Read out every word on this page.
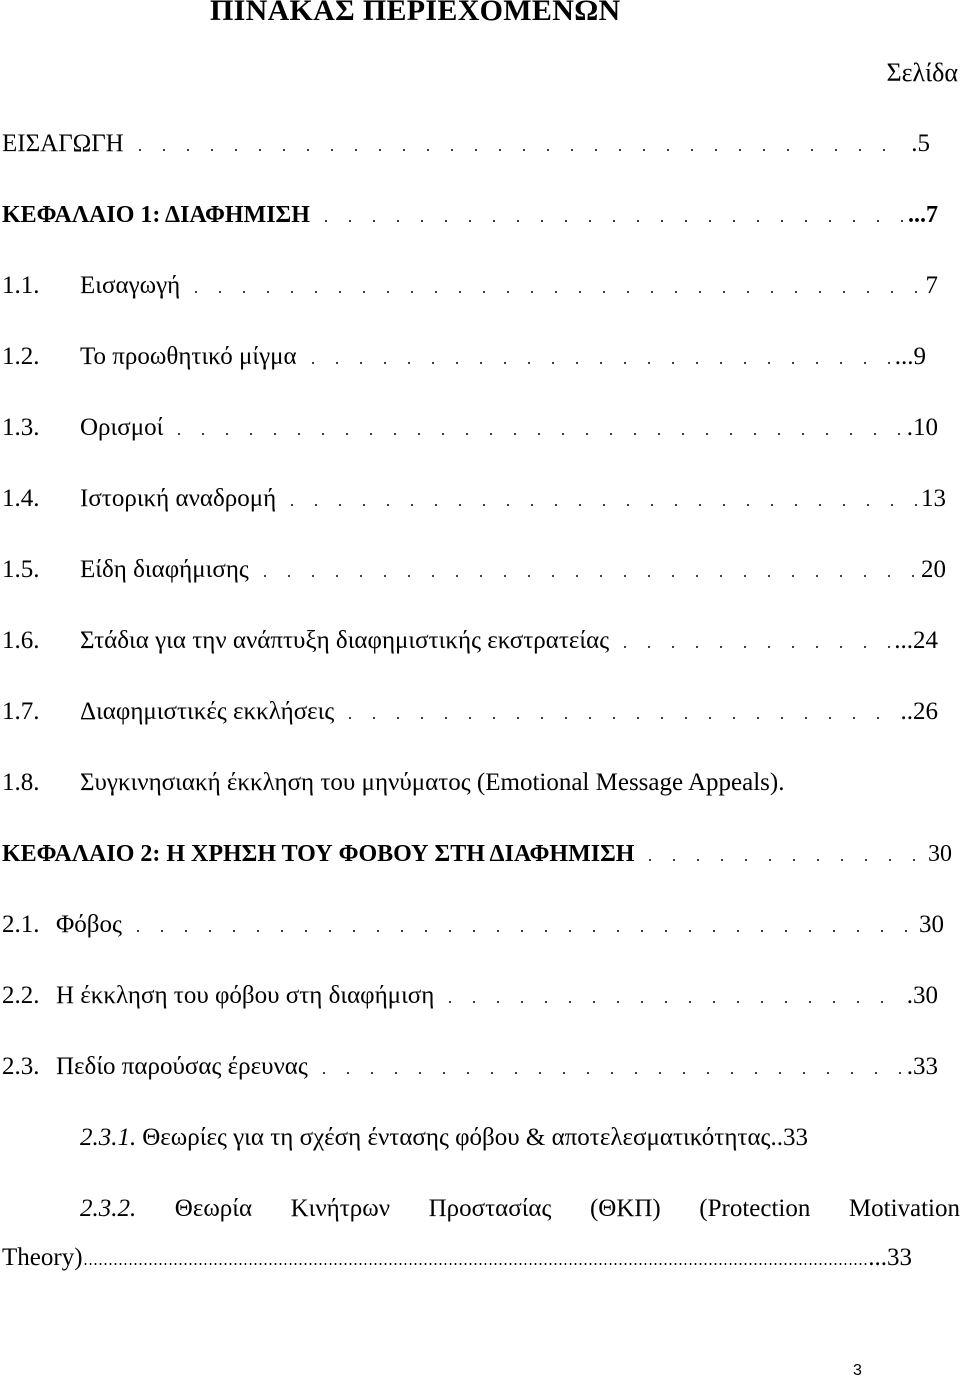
ΠΙΝΑΚΑΣ ΠΕΡΙΕΧΟΜΕΝΩΝ
Σελίδα
ΕΙΣΑΓΩΓΗ	.5
ΚΕΦΑΛΑΙΟ 1: ΔΙΑΦΗΜΙΣΗ	...7
1.1.	Εισαγωγή	7
1.2.	Το προωθητικό μίγμα	...9
1.3.	Ορισμοί	.10
1.4.	Ιστορική αναδρομή	13
1.5.	Είδη διαφήμισης	20
1.6.	Στάδια για την ανάπτυξη διαφημιστικής εκστρατείας	...24
1.7.	Διαφημιστικές εκκλήσεις	..26
1.8.	Συγκινησιακή έκκληση του μηνύματος (Emotional Message Appeals).
ΚΕΦΑΛΑΙΟ 2: Η ΧΡΗΣΗ ΤΟΥ ΦΟΒΟΥ ΣΤΗ ΔΙΑΦΗΜΙΣΗ	30
2.1. Φόβος	30
2.2. Η έκκληση του φόβου στη διαφήμιση	.30
2.3. Πεδίο παρούσας έρευνας	.33
2.3.1. Θεωρίες για τη σχέση έντασης φόβου & αποτελεσματικότητας ..33
2.3.2. Θεωρία Κινήτρων Προστασίας (ΘΚΠ) (Protection Motivation
Theory)	...33
3
